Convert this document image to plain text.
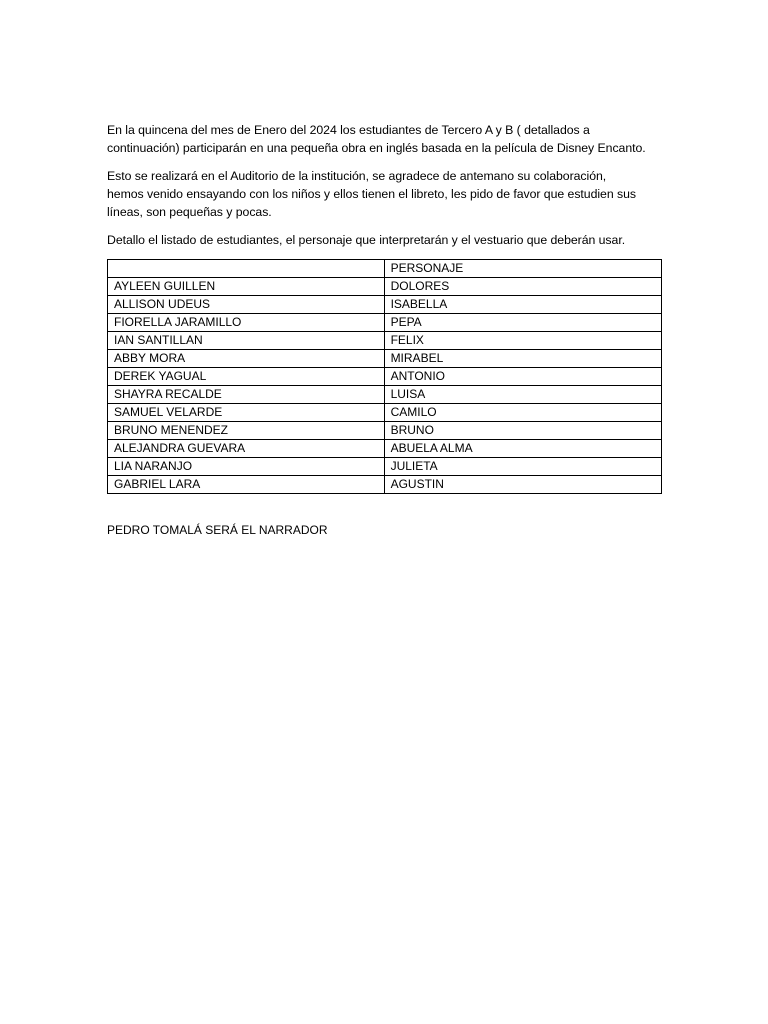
En la quincena del mes de Enero del 2024 los estudiantes de Tercero A y B ( detallados a
continuación) participarán en una pequeña obra en inglés basada en la película de Disney Encanto.

Esto se realizará en el Auditorio de la institución, se agradece de antemano su colaboración,
hemos venido ensayando con los niños y ellos tienen el libreto, les pido de favor que estudien sus
líneas, son pequeñas y pocas.

Detallo el listado de estudiantes, el personaje que interpretarán y el vestuario que deberán usar.

	PERSONAJE
AYLEEN GUILLEN	DOLORES
ALLISON UDEUS	ISABELLA
FIORELLA JARAMILLO	PEPA
IAN SANTILLAN	FELIX
ABBY MORA	MIRABEL
DEREK YAGUAL	ANTONIO
SHAYRA RECALDE	LUISA
SAMUEL VELARDE	CAMILO
BRUNO MENENDEZ	BRUNO
ALEJANDRA GUEVARA	ABUELA ALMA
LIA NARANJO	JULIETA
GABRIEL LARA	AGUSTIN
PEDRO TOMALÁ SERÁ EL NARRADOR
